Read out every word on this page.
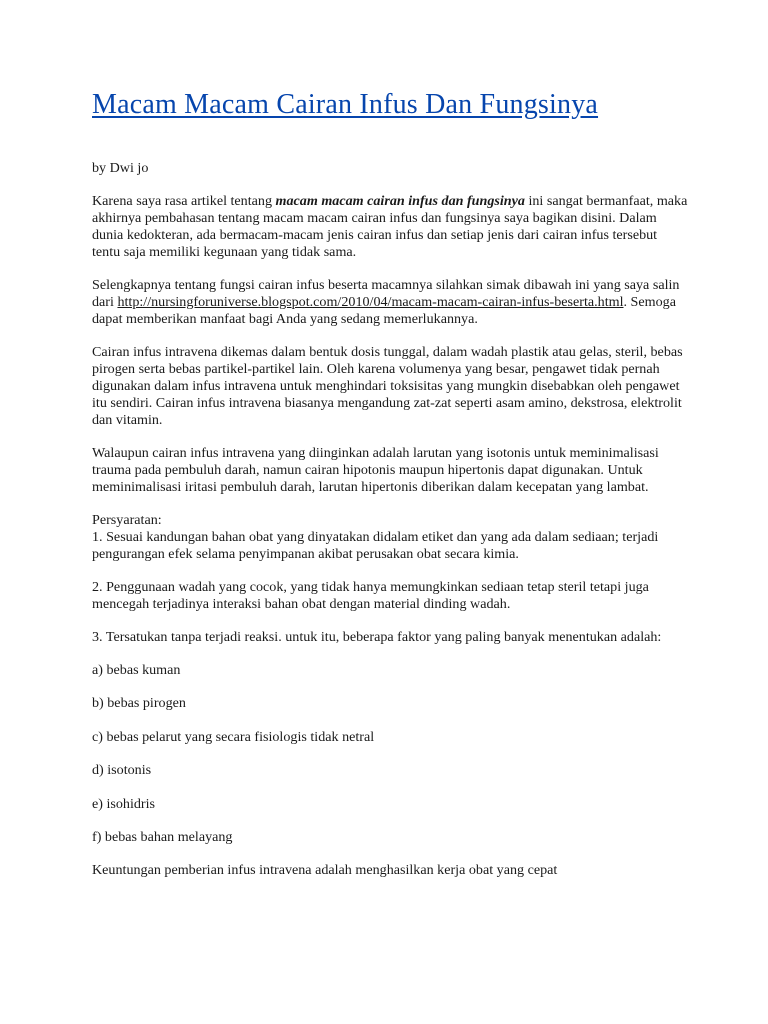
Macam Macam Cairan Infus Dan Fungsinya

by Dwi jo

Karena saya rasa artikel tentang macam macam cairan infus dan fungsinya ini sangat bermanfaat, maka akhirnya pembahasan tentang macam macam cairan infus dan fungsinya saya bagikan disini. Dalam dunia kedokteran, ada bermacam-macam jenis cairan infus dan setiap jenis dari cairan infus tersebut tentu saja memiliki kegunaan yang tidak sama.

Selengkapnya tentang fungsi cairan infus beserta macamnya silahkan simak dibawah ini yang saya salin dari http://nursingforuniverse.blogspot.com/2010/04/macam-macam-cairan-infus-beserta.html. Semoga dapat memberikan manfaat bagi Anda yang sedang memerlukannya.

Cairan infus intravena dikemas dalam bentuk dosis tunggal, dalam wadah plastik atau gelas, steril, bebas pirogen serta bebas partikel-partikel lain. Oleh karena volumenya yang besar, pengawet tidak pernah digunakan dalam infus intravena untuk menghindari toksisitas yang mungkin disebabkan oleh pengawet itu sendiri. Cairan infus intravena biasanya mengandung zat-zat seperti asam amino, dekstrosa, elektrolit dan vitamin.

Walaupun cairan infus intravena yang diinginkan adalah larutan yang isotonis untuk meminimalisasi trauma pada pembuluh darah, namun cairan hipotonis maupun hipertonis dapat digunakan. Untuk meminimalisasi iritasi pembuluh darah, larutan hipertonis diberikan dalam kecepatan yang lambat.

Persyaratan:
1. Sesuai kandungan bahan obat yang dinyatakan didalam etiket dan yang ada dalam sediaan; terjadi pengurangan efek selama penyimpanan akibat perusakan obat secara kimia.

2. Penggunaan wadah yang cocok, yang tidak hanya memungkinkan sediaan tetap steril tetapi juga mencegah terjadinya interaksi bahan obat dengan material dinding wadah.

3. Tersatukan tanpa terjadi reaksi. untuk itu, beberapa faktor yang paling banyak menentukan adalah:

a) bebas kuman

b) bebas pirogen

c) bebas pelarut yang secara fisiologis tidak netral

d) isotonis

e) isohidris

f) bebas bahan melayang

Keuntungan pemberian infus intravena adalah menghasilkan kerja obat yang cepat
